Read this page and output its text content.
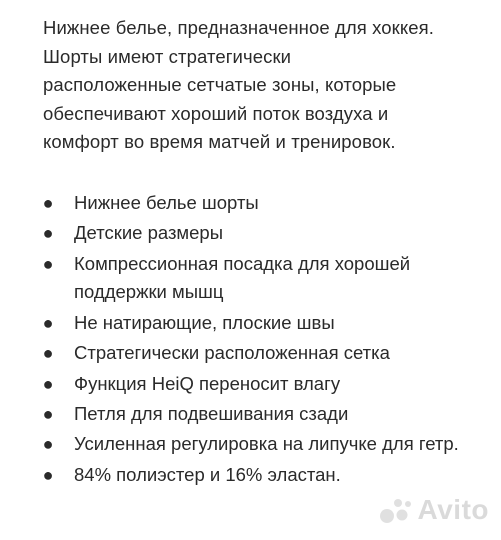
Нижнее белье, предназначенное для хоккея.
Шорты имеют стратегически
расположенные сетчатые зоны, которые
обеспечивают хороший поток воздуха и
комфорт во время матчей и тренировок.

● Нижнее белье шорты
● Детские размеры
● Компрессионная посадка для хорошей поддержки мышц
● Не натирающие, плоские швы
● Стратегически расположенная сетка
● Функция HeiQ переносит влагу
● Петля для подвешивания сзади
● Усиленная регулировка на липучке для гетр.
● 84% полиэстер и 16% эластан.
Avito
